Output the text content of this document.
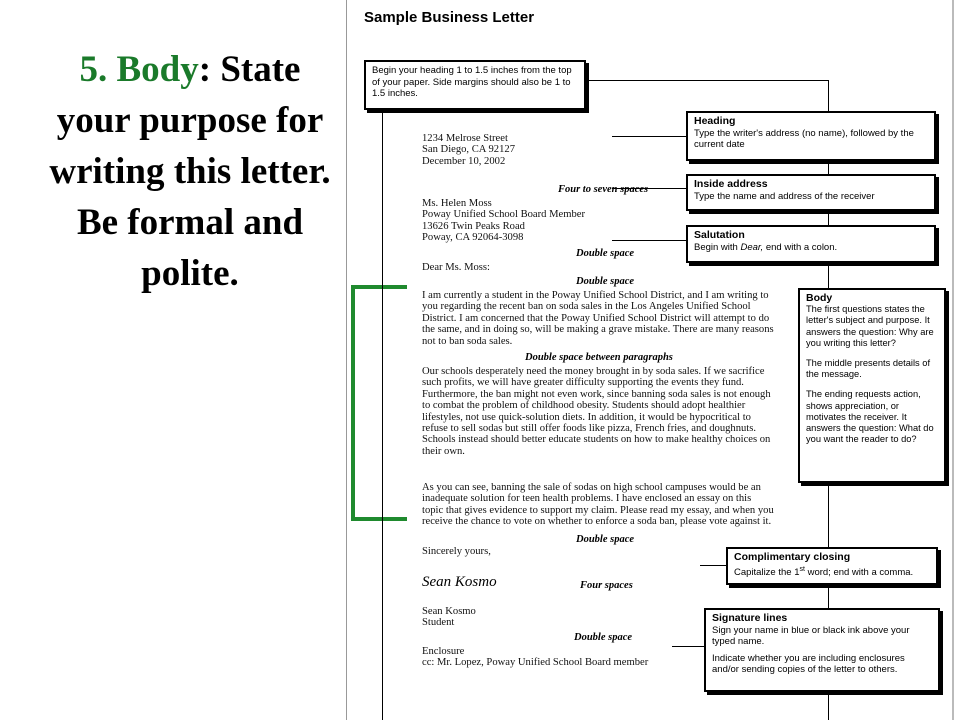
5. Body: State your purpose for writing this letter. Be formal and polite.
Sample Business Letter

Begin your heading 1 to 1.5 inches from the top of your paper. Side margins should also be 1 to 1.5 inches.

Heading

Type the writer's address (no name), followed by the current date

Inside address

Type the name and address of the receiver

Salutation

Begin with Dear, end with a colon.

Body

The first questions states the letter's subject and purpose. It answers the question: Why are you writing this letter?

The middle presents details of the message.

The ending requests action, shows appreciation, or motivates the receiver. It answers the question: What do you want the reader to do?

Complimentary closing

Capitalize the 1st word; end with a comma.

Signature lines

Sign your name in blue or black ink above your typed name.

Indicate whether you are including enclosures and/or sending copies of the letter to others.

1234 Melrose Street
San Diego, CA 92127
December 10, 2002
Four to seven spaces
Ms. Helen Moss
Poway Unified School Board Member
13626 Twin Peaks Road
Poway, CA 92064-3098
Double space
Dear Ms. Moss:
Double space
I am currently a student in the Poway Unified School District, and I am writing to
you regarding the recent ban on soda sales in the Los Angeles Unified School
District. I am concerned that the Poway Unified School District will attempt to do
the same, and in doing so, will be making a grave mistake. There are many reasons
not to ban soda sales.
Double space between paragraphs
Our schools desperately need the money brought in by soda sales. If we sacrifice
such profits, we will have greater difficulty supporting the events they fund.
Furthermore, the ban might not even work, since banning soda sales is not enough
to combat the problem of childhood obesity. Students should adopt healthier
lifestyles, not use quick-solution diets. In addition, it would be hypocritical to
refuse to sell sodas but still offer foods like pizza, French fries, and doughnuts.
Schools instead should better educate students on how to make healthy choices on
their own.
As you can see, banning the sale of sodas on high school campuses would be an
inadequate solution for teen health problems. I have enclosed an essay on this
topic that gives evidence to support my claim. Please read my essay, and when you
receive the chance to vote on whether to enforce a soda ban, please vote against it.
Double space
Sincerely yours,
Sean Kosmo	Four spaces
Sean Kosmo
Student
Double space
Enclosure
cc: Mr. Lopez, Poway Unified School Board member
